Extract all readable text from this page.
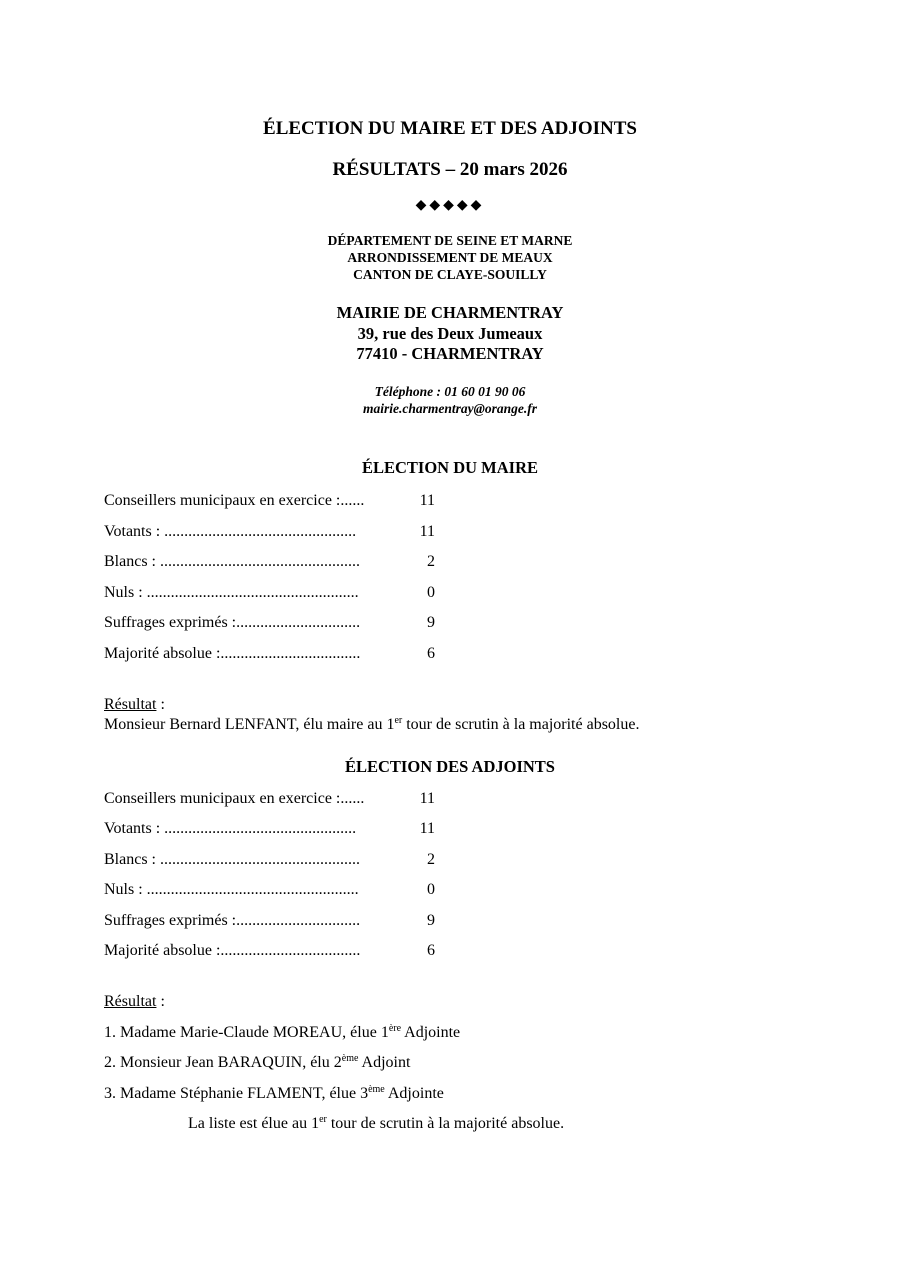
ÉLECTION DU MAIRE ET DES ADJOINTS
RÉSULTATS – 20 mars 2026
◆◆◆◆◆
DÉPARTEMENT DE SEINE ET MARNE
ARRONDISSEMENT DE MEAUX
CANTON DE CLAYE-SOUILLY
MAIRIE DE CHARMENTRAY
39, rue des Deux Jumeaux
77410 - CHARMENTRAY
Téléphone : 01 60 01 90 06
mairie.charmentray@orange.fr
ÉLECTION DU MAIRE
Conseillers municipaux en exercice :......	11
Votants : ................................................	11
Blancs : ..................................................	2
Nuls : .....................................................	0
Suffrages exprimés :...............................	9
Majorité absolue :...................................	6
Résultat :
Monsieur Bernard LENFANT, élu maire au 1er tour de scrutin à la majorité absolue.
ÉLECTION DES ADJOINTS
Conseillers municipaux en exercice :......	11
Votants : ................................................	11
Blancs : ..................................................	2
Nuls : .....................................................	0
Suffrages exprimés :...............................	9
Majorité absolue :...................................	6
Résultat :
1. Madame Marie-Claude MOREAU, élue 1ère Adjointe
2. Monsieur Jean BARAQUIN, élu 2ème Adjoint
3. Madame Stéphanie FLAMENT, élue 3ème Adjointe
La liste est élue au 1er tour de scrutin à la majorité absolue.
